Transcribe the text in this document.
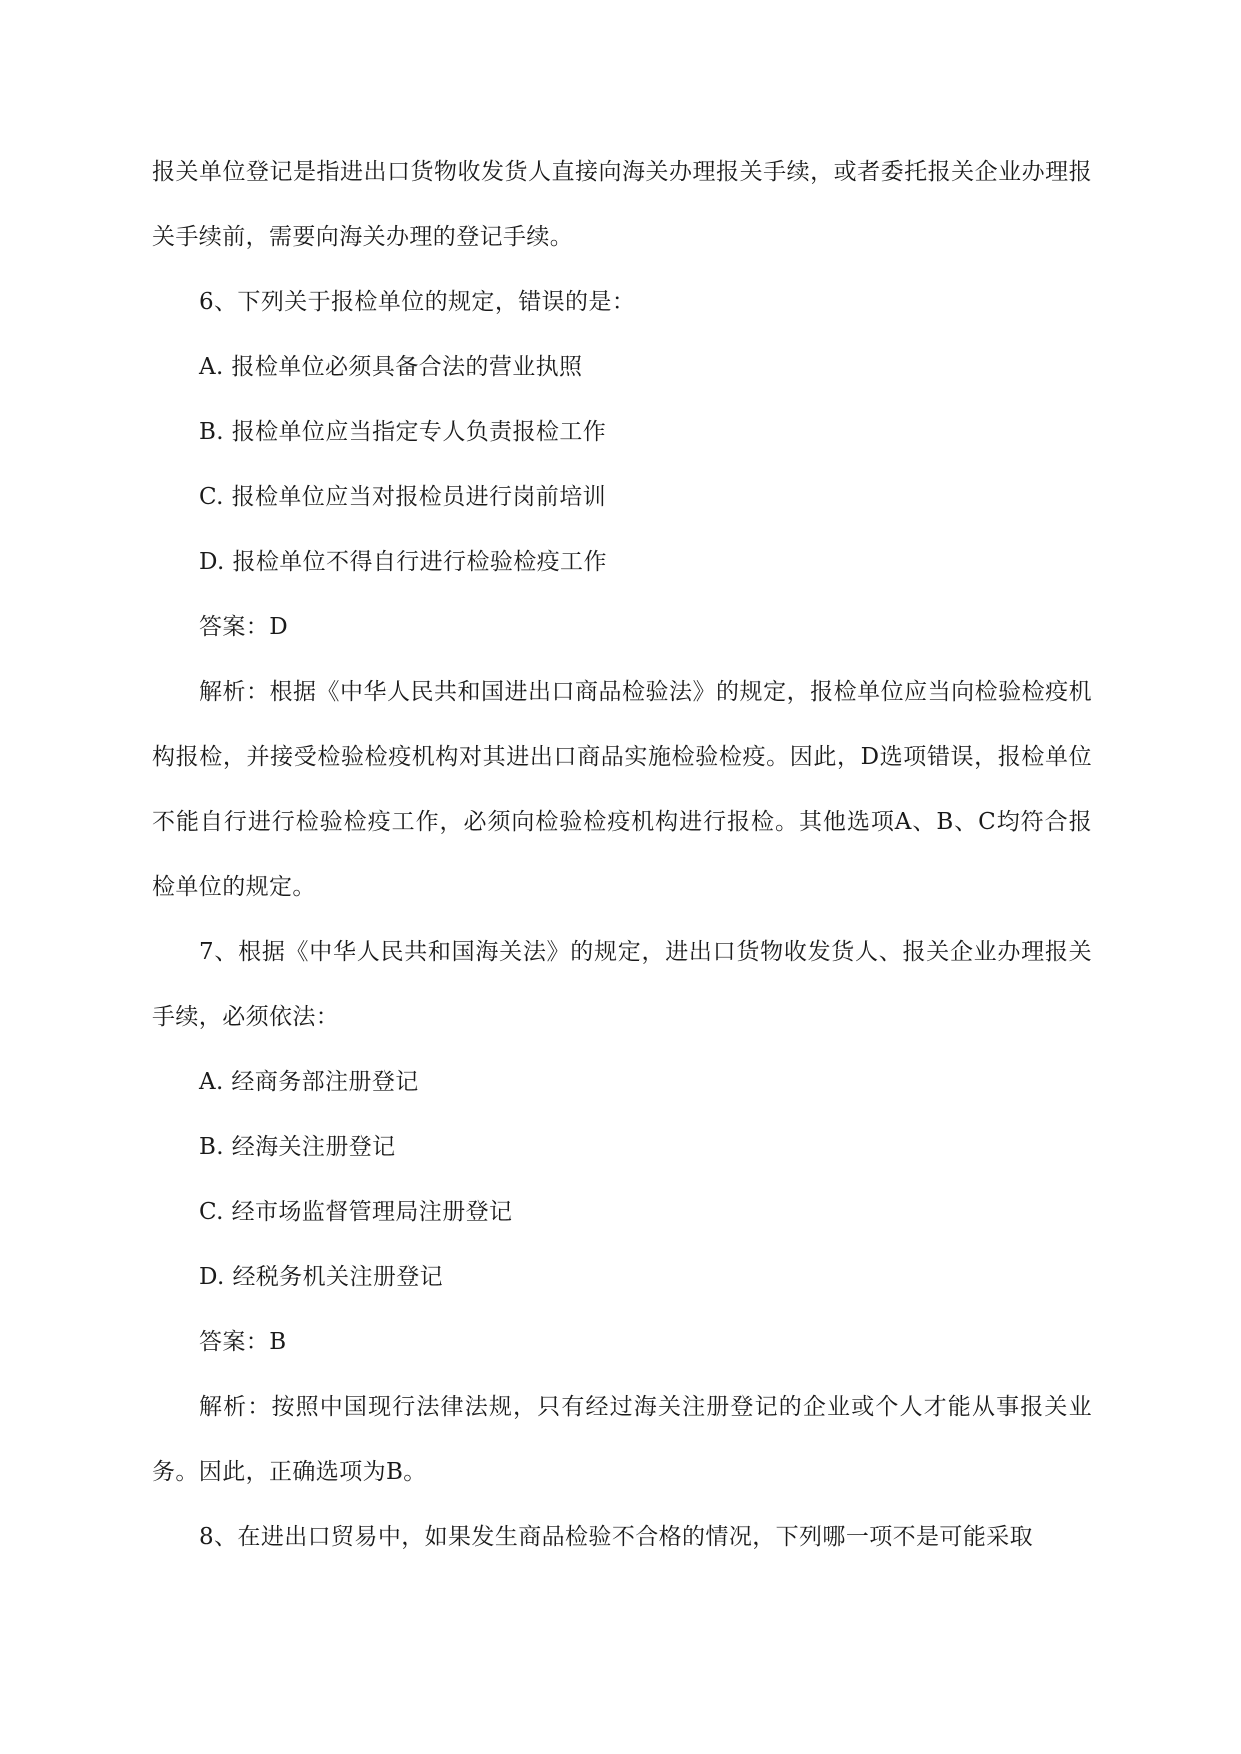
报关单位登记是指进出口货物收发货人直接向海关办理报关手续，或者委托报关企业办理报关手续前，需要向海关办理的登记手续。

6、下列关于报检单位的规定，错误的是：

A. 报检单位必须具备合法的营业执照

B. 报检单位应当指定专人负责报检工作

C. 报检单位应当对报检员进行岗前培训

D. 报检单位不得自行进行检验检疫工作

答案：D

解析：根据《中华人民共和国进出口商品检验法》的规定，报检单位应当向检验检疫机构报检，并接受检验检疫机构对其进出口商品实施检验检疫。因此，D选项错误，报检单位不能自行进行检验检疫工作，必须向检验检疫机构进行报检。其他选项A、B、C均符合报检单位的规定。

7、根据《中华人民共和国海关法》的规定，进出口货物收发货人、报关企业办理报关手续，必须依法：

A. 经商务部注册登记

B. 经海关注册登记

C. 经市场监督管理局注册登记

D. 经税务机关注册登记

答案：B

解析：按照中国现行法律法规，只有经过海关注册登记的企业或个人才能从事报关业务。因此，正确选项为B。

8、在进出口贸易中，如果发生商品检验不合格的情况，下列哪一项不是可能采取
